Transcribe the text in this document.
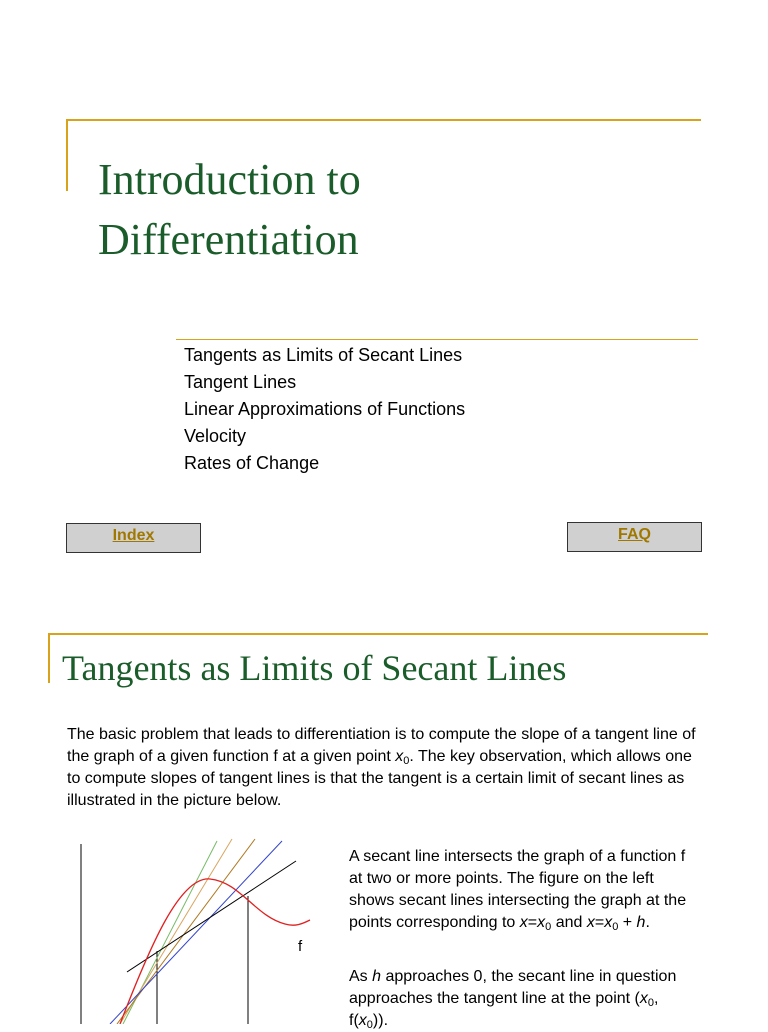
Introduction to
Differentiation
Tangents as Limits of Secant Lines
Tangent Lines
Linear Approximations of Functions
Velocity
Rates of Change
Index	FAQ
Tangents as Limits of Secant Lines
The basic problem that leads to differentiation is to compute the slope of a tangent line of the graph of a given function f at a given point $x_0$. The key observation, which allows one to compute slopes of tangent lines is that the tangent is a certain limit of secant lines as illustrated in the picture below.
f
A secant line intersects the graph of a function f at two or more points. The figure on the left shows secant lines intersecting the graph at the points corresponding to $x=x_0$ and $x=x_0 + h$.
As h approaches 0, the secant line in question approaches the tangent line at the point ($x_0$, $f(x_0)$).
